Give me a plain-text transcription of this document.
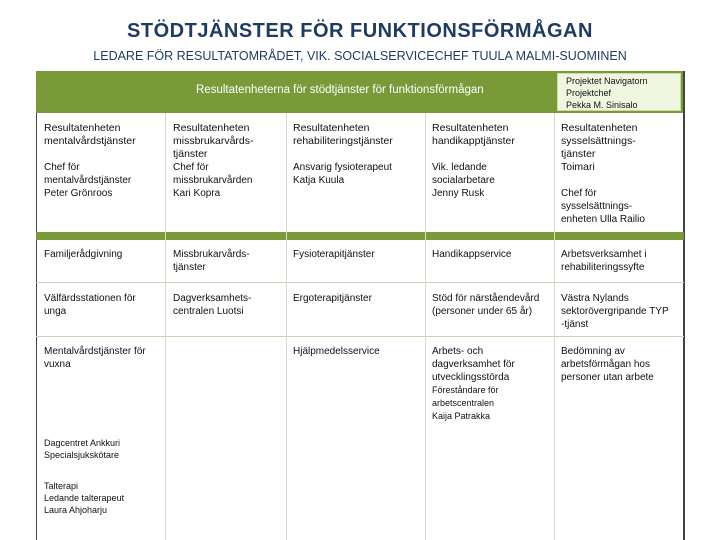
STÖDTJÄNSTER FÖR FUNKTIONSFÖRMÅGAN
LEDARE FÖR RESULTATOMRÅDET, VIK. SOCIALSERVICECHEF TUULA MALMI-SUOMINEN
Resultatenheterna för stödtjänster för funktionsförmågan
Projektet Navigatorn
Projektchef
Pekka M. Sinisalo
Resultatenheten
mentalvårdstjänster
Chef för
mentalvårdstjänster
Peter Grönroos
Resultatenheten
missbrukarvårds-
tjänster
Chef för
missbrukarvården
Kari Kopra
Resultatenheten
rehabiliteringstjänster
Ansvarig fysioterapeut
Katja Kuula
Resultatenheten
handikapptjänster
Vik. ledande
socialarbetare
Jenny Rusk
Resultatenheten
sysselsättnings-
tjänster
Toimari
Chef för
sysselsättnings-
enheten Ulla Railio
Familjerådgivning
Välfärdsstationen för
unga
Mentalvårdstjänster för
vuxna
Dagcentret Ankkuri
Specialsjukskötare
Talterapi
Ledande talterapeut
Laura Ahjoharju
Missbrukarvårds-
tjänster
Dagverksamhets-
centralen Luotsi
Fysioterapitjänster
Ergoterapitjänster
Hjälpmedelsservice
Handikappservice
Stöd för närståendevård
(personer under 65 år)
Arbets- och
dagverksamhet för
utvecklingsstörda
Föreståndare för
arbetscentralen
Kaija Patrakka
Arbetsverksamhet i
rehabiliteringssyfte
Västra Nylands
sektorövergripande TYP
-tjänst
Bedömning av
arbetsförmågan hos
personer utan arbete
